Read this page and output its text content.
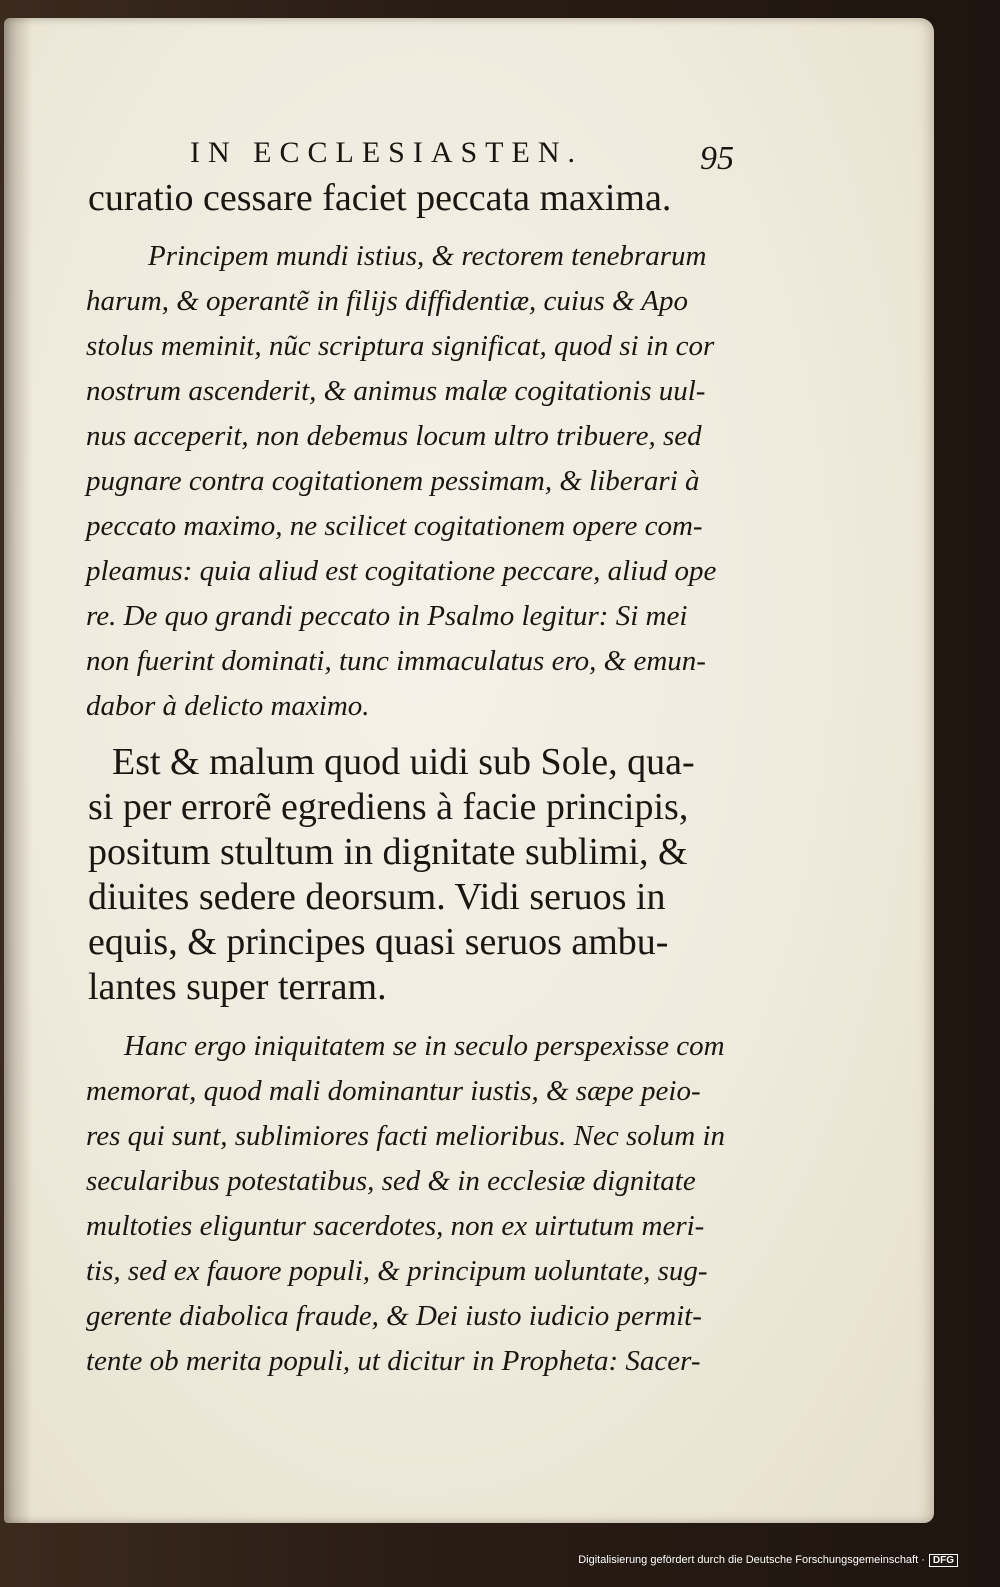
IN ECCLESIASTEN.	95
curatio cessare faciet peccata maxima.
Principem mundi istius, & rectorem tenebrarum
harum, & operantẽ in filijs diffidentiæ, cuius & Apo
stolus meminit, nũc scriptura significat, quod si in cor
nostrum ascenderit, & animus malæ cogitationis uul-
nus acceperit, non debemus locum ultro tribuere, sed
pugnare contra cogitationem pessimam, & liberari à
peccato maximo, ne scilicet cogitationem opere com-
pleamus: quia aliud est cogitatione peccare, aliud ope
re. De quo grandi peccato in Psalmo legitur: Si mei
non fuerint dominati, tunc immaculatus ero, & emun-
dabor à delicto maximo.
Est & malum quod uidi sub Sole, qua-
si per errorẽ egrediens à facie principis,
positum stultum in dignitate sublimi, &
diuites sedere deorsum. Vidi seruos in
equis, & principes quasi seruos ambu-
lantes super terram.
Hanc ergo iniquitatem se in seculo perspexisse com
memorat, quod mali dominantur iustis, & sæpe peio-
res qui sunt, sublimiores facti melioribus. Nec solum in
secularibus potestatibus, sed & in ecclesiæ dignitate
multoties eliguntur sacerdotes, non ex uirtutum meri-
tis, sed ex fauore populi, & principum uoluntate, sug-
gerente diabolica fraude, & Dei iusto iudicio permit-
tente ob merita populi, ut dicitur in Propheta: Sacer-
Digitalisierung gefördert durch die Deutsche Forschungsgemeinschaft · DFG
